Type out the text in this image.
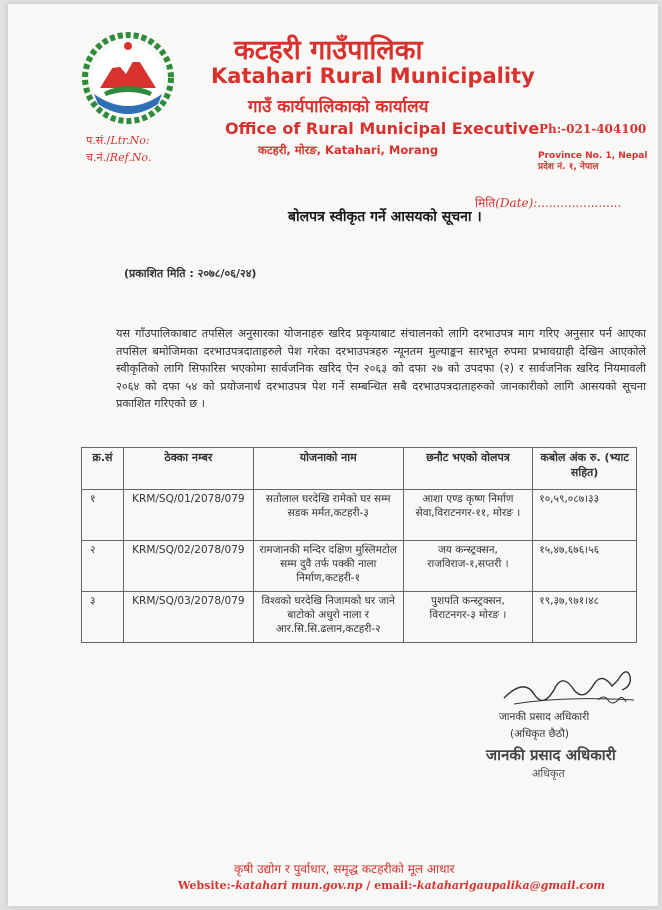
कटहरी गाउँपालिका
Katahari Rural Municipality
गाउँ कार्यपालिकाको कार्यालय
Office of Rural Municipal Executive
कटहरी, मोरङ, Katahari, Morang
प.सं./Ltr.No:
च.नं./Ref.No.
Ph:-021-404100
Province No. 1, Nepal
प्रदेश नं. १, नेपाल
मिति(Date):......................
बोलपत्र स्वीकृत गर्ने आसयको सूचना ।
(प्रकाशित मिति : २०७८/०६/२४)
यस गाँउपालिकाबाट तपसिल अनुसारका योजनाहरु खरिद प्रकृयाबाट संचालनको लागि दरभाउपत्र माग गरिए अनुसार पर्न आएका तपसिल बमोजिमका दरभाउपत्रदाताहरुले पेश गरेका दरभाउपत्रहरु न्यूनतम मुल्याङ्कन सारभूत रुपमा प्रभावग्राही देखिन आएकोले स्वीकृतिको लागि सिफारिस भएकोमा सार्वजनिक खरिद ऐन २०६३ को दफा २७ को उपदफा (२) र सार्वजनिक खरिद नियमावली २०६४ को दफा ५४ को प्रयोजनार्थ दरभाउपत्र पेश गर्ने सम्बन्धित सबै दरभाउपत्रदाताहरुको जानकारीको लागि आसयको सूचना प्रकाशित गरिएको छ ।
क्र.सं	ठेक्का नम्बर	योजनाको नाम	छनौट भएको वोलपत्र	कबोल अंक रु. (भ्याट सहित)
१	KRM/SQ/01/2078/079	सतोलाल घरदेखि रामेको घर सम्म सडक मर्मत,कटहरी-३	आशा एण्ड कृष्ण निर्माण सेवा,विराटनगर-११, मोरङ ।	१०,५९,०८७।३३
२	KRM/SQ/02/2078/079	रामजानकी मन्दिर दक्षिण मुस्लिमटोल सम्म दुवै तर्फ पक्की नाला निर्माण,कटहरी-१	जय कन्स्ट्रक्सन, राजविराज-१,सप्तरी ।	१५,४७,६७६।५६
३	KRM/SQ/03/2078/079	विश्वको घरदेखि निजामको घर जाने बाटोको अधुरो नाला र आर.सि.सि.ढलान,कटहरी-२	पुशपति कन्स्ट्रक्सन, विराटनगर-३ मोरङ ।	१९,३७,९७१।४८
जानकी प्रसाद अधिकारी
(अधिकृत छैठौ)
जानकी प्रसाद अधिकारी
अधिकृत
कृषी उद्योग र पुर्वाधार, समृद्ध कटहरीको मूल आधार
Website:-katahari mun.gov.np / email:-kataharigaupalika@gmail.com
